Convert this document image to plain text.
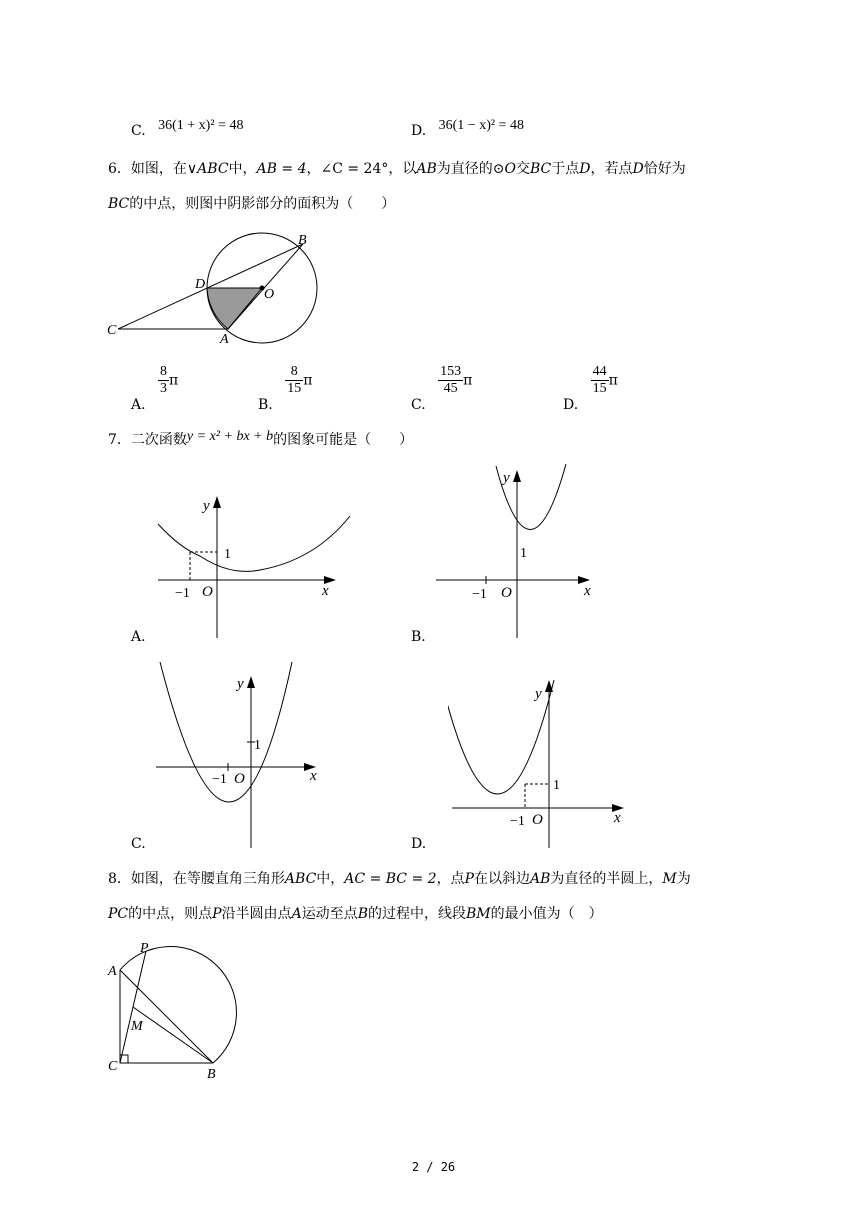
C. 36(1 + x)² = 48	D. 36(1 − x)² = 48
6．如图，在∨ABC中，AB = 4，∠C = 24°，以AB为直径的⊙O交BC于点D，若点D恰好为
BC的中点，则图中阴影部分的面积为（　　）
B
D
O
C
A
A.
$\frac{8}{3}$ π
B.
$\frac{8}{15}$ π
C.
$\frac{153}{45}$ π
D.
$\frac{44}{15}$ π
7．二次函数y = x² + bx + b的图象可能是（　　）
y
x
O
1
−1
A.
y
x
O
1
−1
B.
y
x
O
1
−1
C.
y
x
O
1
−1
D.
8．如图，在等腰直角三角形ABC中，AC = BC = 2，点P在以斜边AB为直径的半圆上，M为
PC的中点，则点P沿半圆由点A运动至点B的过程中，线段BM的最小值为（　）
P
A
M
C
B
2 / 26
